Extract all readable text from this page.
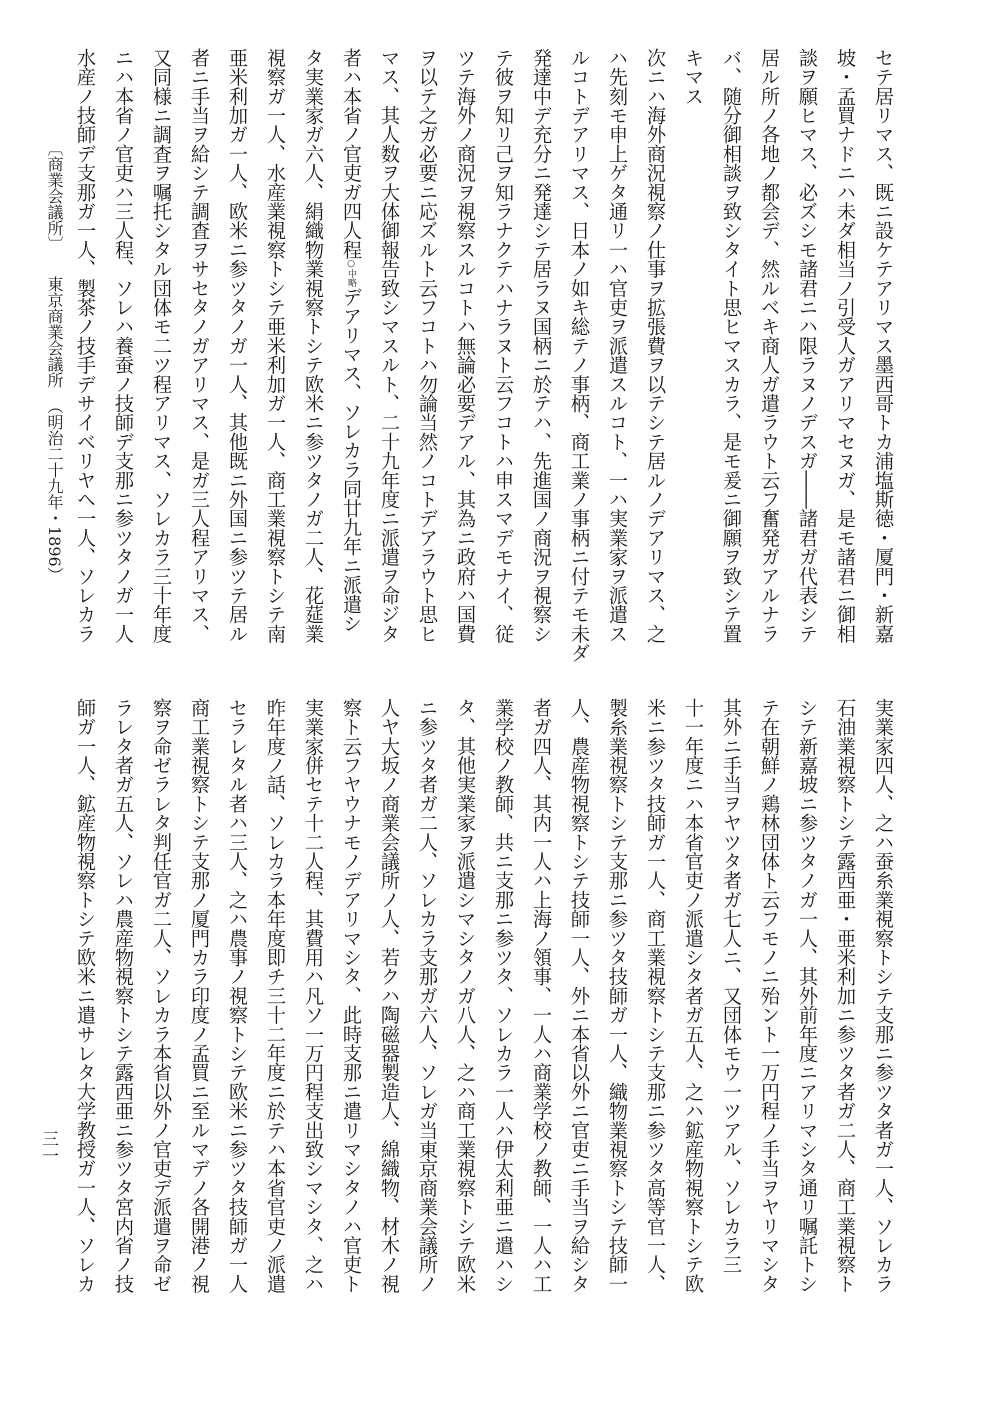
セテ居リマス、既ニ設ケテアリマス墨西哥トカ浦塩斯徳・厦門・新嘉
坡・孟買ナドニハ未ダ相当ノ引受人ガアリマセヌガ、是モ諸君ニ御相
談ヲ願ヒマス、必ズシモ諸君ニハ限ラヌノデスガ――諸君ガ代表シテ
居ル所ノ各地ノ都会デ、然ルベキ商人ガ遣ラウト云フ奮発ガアルナラ
バ、随分御相談ヲ致シタイト思ヒマスカラ、是モ爰ニ御願ヲ致シテ置
キマス
次ニハ海外商況視察ノ仕事ヲ拡張費ヲ以テシテ居ルノデアリマス、之
ハ先刻モ申上ゲタ通リ一ハ官吏ヲ派遣スルコト、一ハ実業家ヲ派遣ス
ルコトデアリマス、日本ノ如キ総テノ事柄、商工業ノ事柄ニ付テモ未ダ
発達中デ充分ニ発達シテ居ラヌ国柄ニ於テハ、先進国ノ商況ヲ視察シ
テ彼ヲ知リ己ヲ知ラナクテハナラヌト云フコトハ申スマデモナイ、従
ツテ海外ノ商況ヲ視察スルコトハ無論必要デアル、其為ニ政府ハ国費
ヲ以テ之ガ必要ニ応ズルト云フコトハ勿論当然ノコトデアラウト思ヒ
マス、其人数ヲ大体御報告致シマスルト、二十九年度ニ派遣ヲ命ジタ
者ハ本省ノ官吏ガ四人程○中略デアリマス、ソレカラ同廿九年ニ派遣シ
タ実業家ガ六人、絹織物業視察トシテ欧米ニ参ツタノガ二人、花莚業
視察ガ一人、水産業視察トシテ亜米利加ガ一人、商工業視察トシテ南
亜米利加ガ一人、欧米ニ参ツタノガ一人、其他既ニ外国ニ参ツテ居ル
者ニ手当ヲ給シテ調査ヲサセタノガアリマス、是ガ三人程アリマス、
又同様ニ調査ヲ嘱托シタル団体モ二ツ程アリマス、ソレカラ三十年度
ニハ本省ノ官吏ハ三人程、ソレハ養蚕ノ技師デ支那ニ参ツタノガ一人
水産ノ技師デ支那ガ一人、製茶ノ技手デサイベリヤヘ一人、ソレカラ
〔商業会議所〕東京商業会議所（明治二十九年・1896）
実業家四人、之ハ蚕糸業視察トシテ支那ニ参ツタ者ガ一人、ソレカラ
石油業視察トシテ露西亜・亜米利加ニ参ツタ者ガ二人、商工業視察ト
シテ新嘉坡ニ参ツタノガ一人、其外前年度ニアリマシタ通リ嘱託トシ
テ在朝鮮ノ鶏林団体ト云フモノニ殆ント一万円程ノ手当ヲヤリマシタ
其外ニ手当ヲヤツタ者ガ七人ニ、又団体モウ一ツアル、ソレカラ三
十一年度ニハ本省官吏ノ派遣シタ者ガ五人、之ハ鉱産物視察トシテ欧
米ニ参ツタ技師ガ一人、商工業視察トシテ支那ニ参ツタ高等官一人、
製糸業視察トシテ支那ニ参ツタ技師ガ一人、織物業視察トシテ技師一
人、農産物視察トシテ技師一人、外ニ本省以外ニ官吏ニ手当ヲ給シタ
者ガ四人、其内一人ハ上海ノ領事、一人ハ商業学校ノ教師、一人ハ工
業学校ノ教師、共ニ支那ニ参ツタ、ソレカラ一人ハ伊太利亜ニ遣ハシ
タ、其他実業家ヲ派遣シマシタノガ八人、之ハ商工業視察トシテ欧米
ニ参ツタ者ガ二人、ソレカラ支那ガ六人、ソレガ当東京商業会議所ノ
人ヤ大坂ノ商業会議所ノ人、若クハ陶磁器製造人、綿織物、材木ノ視
察ト云フヤウナモノデアリマシタ、此時支那ニ遣リマシタノハ官吏ト
実業家併セテ十二人程、其費用ハ凡ソ一万円程支出致シマシタ、之ハ
昨年度ノ話、ソレカラ本年度即チ三十二年度ニ於テハ本省官吏ノ派遣
セラレタル者ハ三人、之ハ農事ノ視察トシテ欧米ニ参ツタ技師ガ一人
商工業視察トシテ支那ノ厦門カラ印度ノ孟買ニ至ルマデノ各開港ノ視
察ヲ命ゼラレタ判任官ガ二人、ソレカラ本省以外ノ官吏デ派遣ヲ命ゼ
ラレタ者ガ五人、ソレハ農産物視察トシテ露西亜ニ参ツタ宮内省ノ技
師ガ一人、鉱産物視察トシテ欧米ニ遣サレタ大学教授ガ一人、ソレカ
三一
